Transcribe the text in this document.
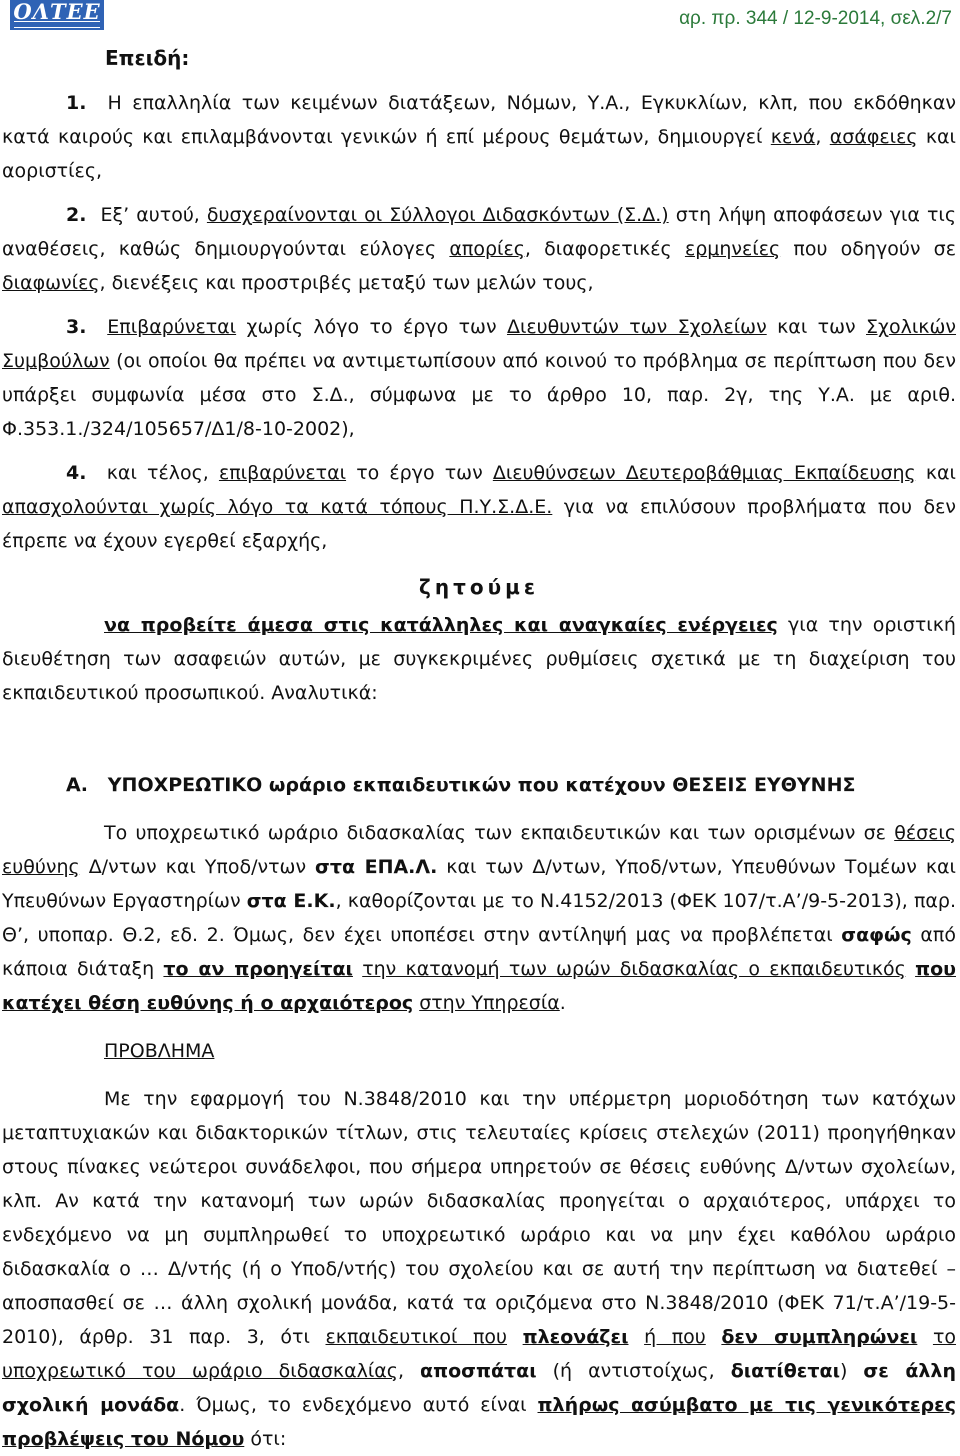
ΟΛΤΕΕ	αρ. πρ. 344 / 12-9-2014, σελ.2/7
Επειδή:

1. Η επαλληλία των κειμένων διατάξεων, Νόμων, Υ.Α., Εγκυκλίων, κλπ, που εκδόθηκαν κατά καιρούς και επιλαμβάνονται γενικών ή επί μέρους θεμάτων, δημιουργεί κενά, ασάφειες και αοριστίες,

2. Εξ’ αυτού, δυσχεραίνονται οι Σύλλογοι Διδασκόντων (Σ.Δ.) στη λήψη αποφάσεων για τις αναθέσεις, καθώς δημιουργούνται εύλογες απορίες, διαφορετικές ερμηνείες που οδηγούν σε διαφωνίες, διενέξεις και προστριβές μεταξύ των μελών τους,

3. Επιβαρύνεται χωρίς λόγο το έργο των Διευθυντών των Σχολείων και των Σχολικών Συμβούλων (οι οποίοι θα πρέπει να αντιμετωπίσουν από κοινού το πρόβλημα σε περίπτωση που δεν υπάρξει συμφωνία μέσα στο Σ.Δ., σύμφωνα με το άρθρο 10, παρ. 2γ, της Υ.Α. με αριθ. Φ.353.1./324/105657/Δ1/8-10-2002),

4. και τέλος, επιβαρύνεται το έργο των Διευθύνσεων Δευτεροβάθμιας Εκπαίδευσης και απασχολούνται χωρίς λόγο τα κατά τόπους Π.Υ.Σ.Δ.Ε. για να επιλύσουν προβλήματα που δεν έπρεπε να έχουν εγερθεί εξαρχής,

ζητούμε

να προβείτε άμεσα στις κατάλληλες και αναγκαίες ενέργειες για την οριστική διευθέτηση των ασαφειών αυτών, με συγκεκριμένες ρυθμίσεις σχετικά με τη διαχείριση του εκπαιδευτικού προσωπικού. Αναλυτικά:

Α. ΥΠΟΧΡΕΩΤΙΚΟ ωράριο εκπαιδευτικών που κατέχουν ΘΕΣΕΙΣ ΕΥΘΥΝΗΣ

Το υποχρεωτικό ωράριο διδασκαλίας των εκπαιδευτικών και των ορισμένων σε θέσεις ευθύνης Δ/ντων και Υποδ/ντων στα ΕΠΑ.Λ. και των Δ/ντων, Υποδ/ντων, Υπευθύνων Τομέων και Υπευθύνων Εργαστηρίων στα Ε.Κ., καθορίζονται με το Ν.4152/2013 (ΦΕΚ 107/τ.Α’/9-5-2013), παρ. Θ’, υποπαρ. Θ.2, εδ. 2. Όμως, δεν έχει υποπέσει στην αντίληψή μας να προβλέπεται σαφώς από κάποια διάταξη το αν προηγείται την κατανομή των ωρών διδασκαλίας ο εκπαιδευτικός που κατέχει θέση ευθύνης ή ο αρχαιότερος στην Υπηρεσία.

ΠΡΟΒΛΗΜΑ

Με την εφαρμογή του Ν.3848/2010 και την υπέρμετρη μοριοδότηση των κατόχων μεταπτυχιακών και διδακτορικών τίτλων, στις τελευταίες κρίσεις στελεχών (2011) προηγήθηκαν στους πίνακες νεώτεροι συνάδελφοι, που σήμερα υπηρετούν σε θέσεις ευθύνης Δ/ντων σχολείων, κλπ. Αν κατά την κατανομή των ωρών διδασκαλίας προηγείται ο αρχαιότερος, υπάρχει το ενδεχόμενο να μη συμπληρωθεί το υποχρεωτικό ωράριο και να μην έχει καθόλου ωράριο διδασκαλία ο … Δ/ντής (ή ο Υποδ/ντής) του σχολείου και σε αυτή την περίπτωση να διατεθεί – αποσπασθεί σε … άλλη σχολική μονάδα, κατά τα οριζόμενα στο Ν.3848/2010 (ΦΕΚ 71/τ.Α’/19-5-2010), άρθρ. 31 παρ. 3, ότι εκπαιδευτικοί που πλεονάζει ή που δεν συμπληρώνει το υποχρεωτικό του ωράριο διδασκαλίας, αποσπάται (ή αντιστοίχως, διατίθεται) σε άλλη σχολική μονάδα. Όμως, το ενδεχόμενο αυτό είναι πλήρως ασύμβατο με τις γενικότερες προβλέψεις του Νόμου ότι:
